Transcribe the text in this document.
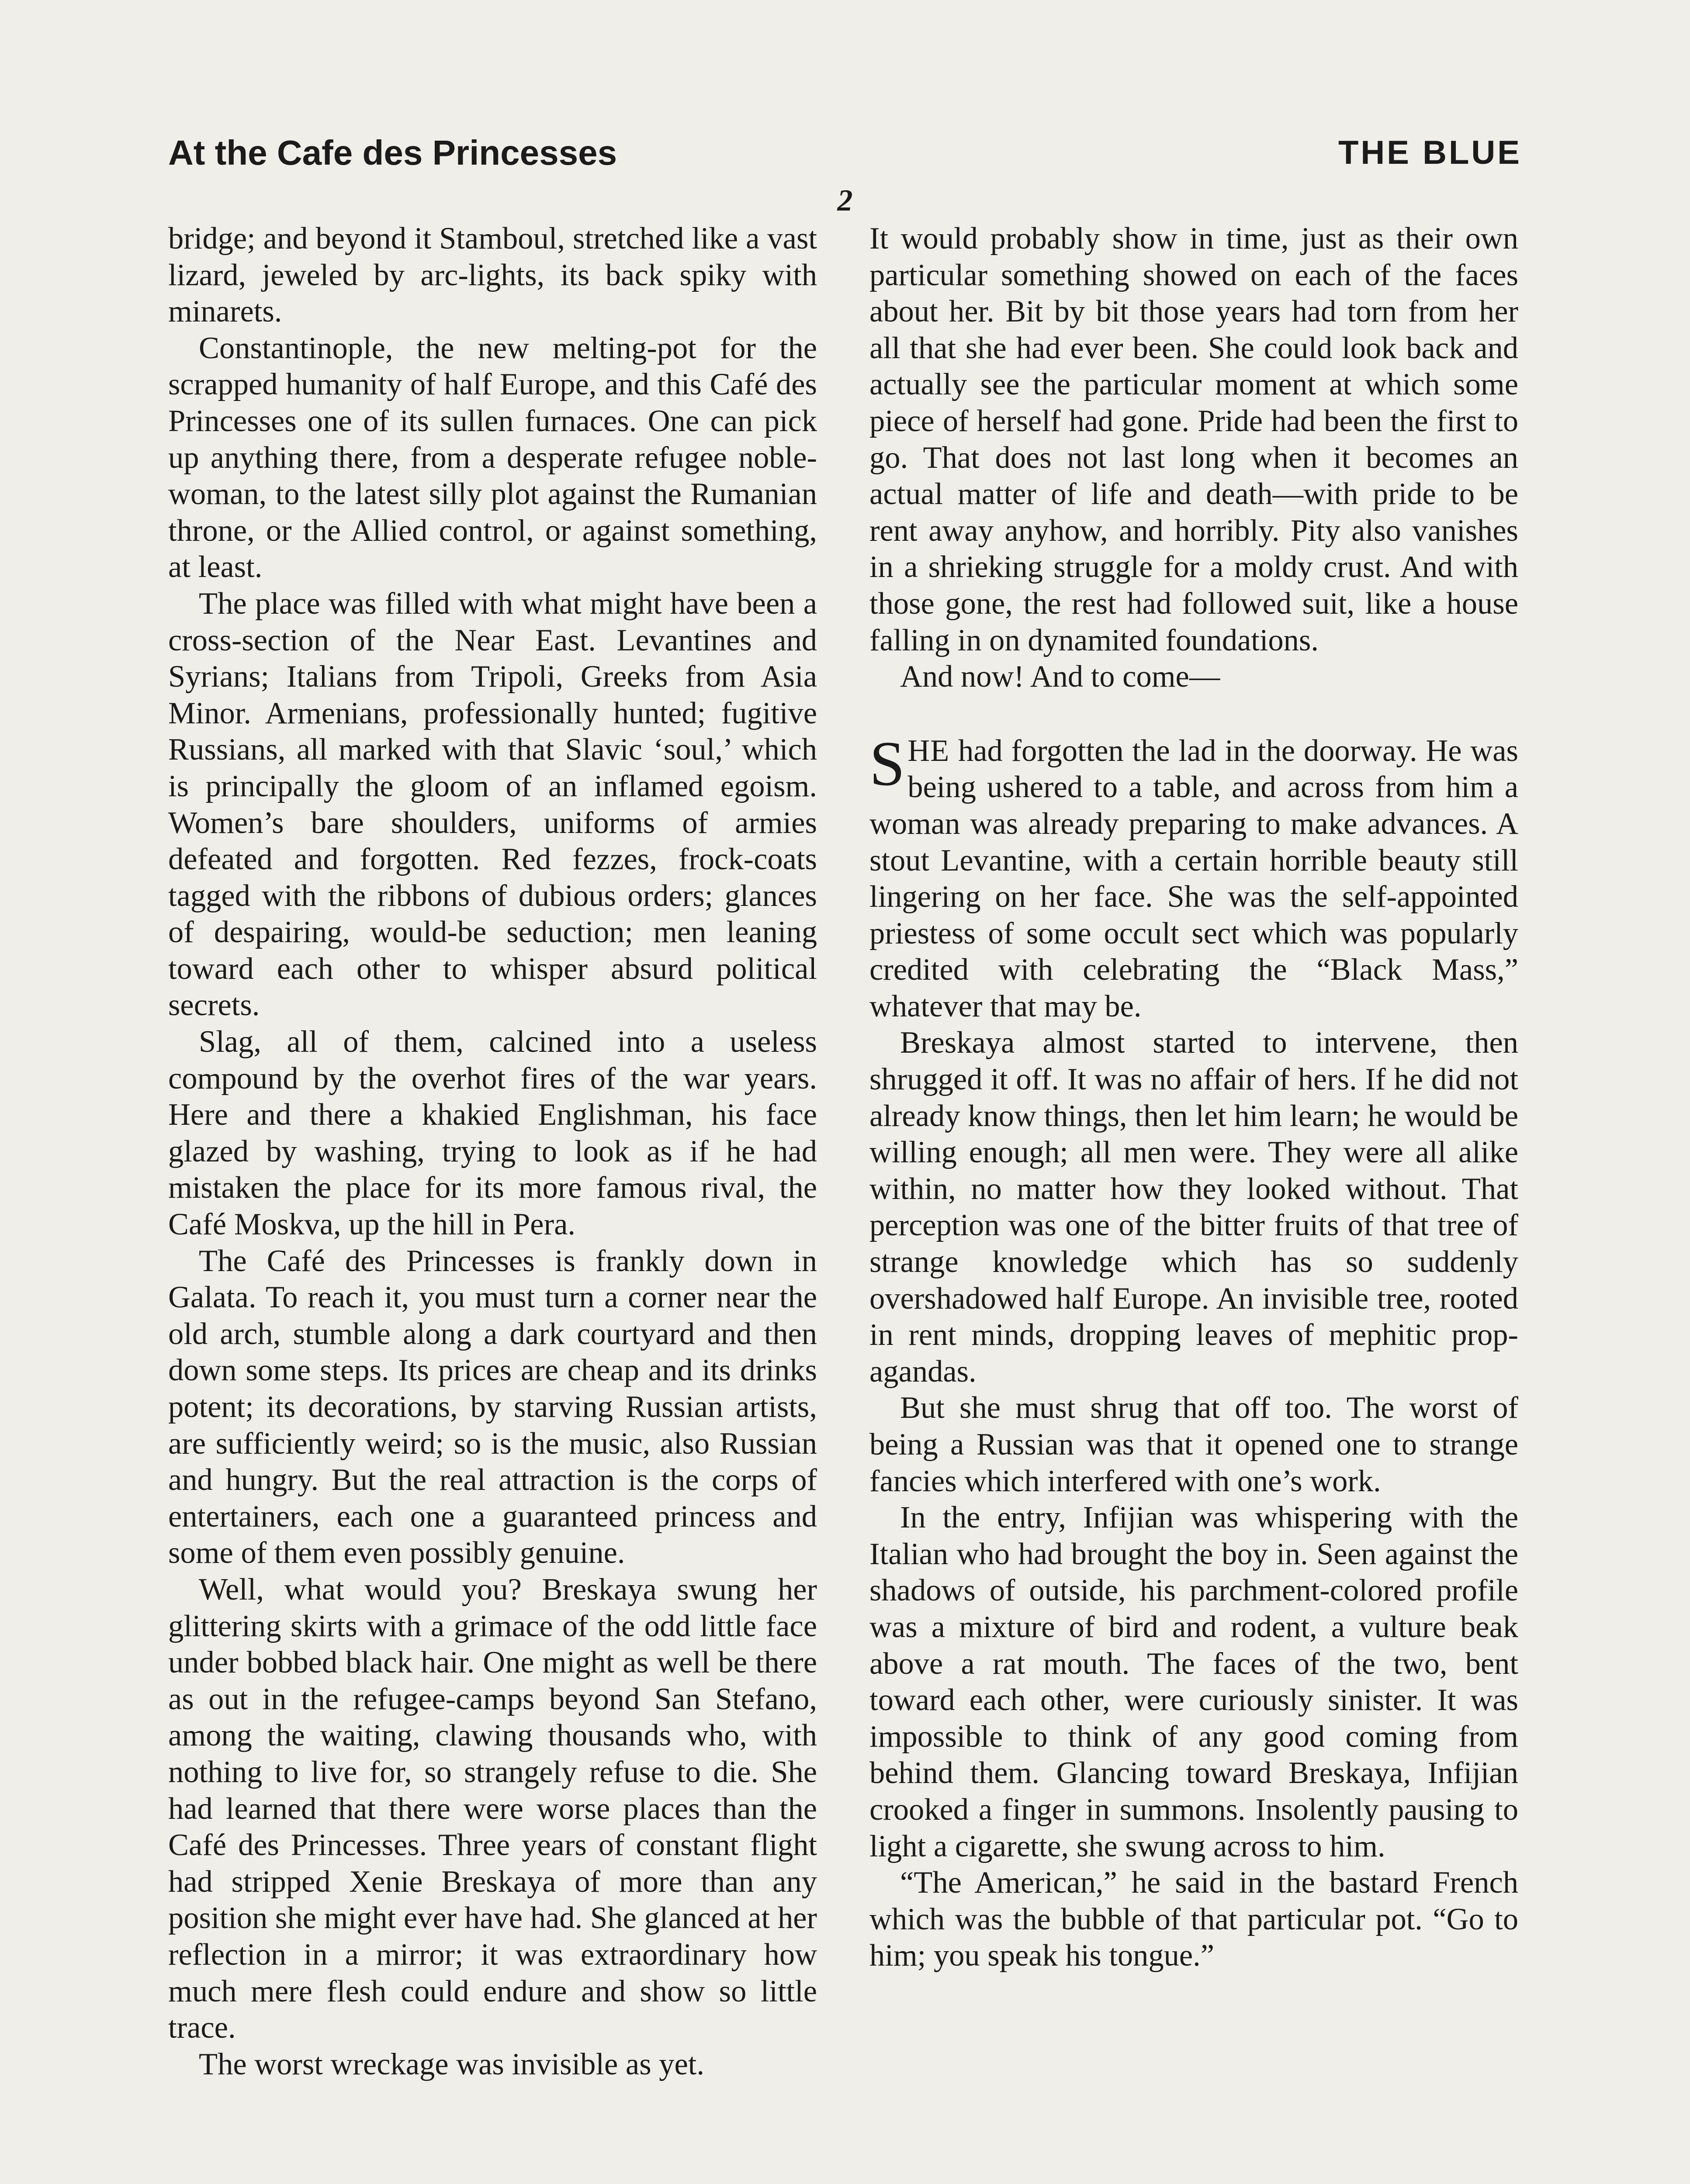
At the Cafe des Princesses	THE BLUE
2

bridge; and beyond it Stamboul, stretched like a vast lizard, jeweled by arc-lights, its back spiky with minarets.

Constantinople, the new melting-pot for the scrapped humanity of half Europe, and this Café des Princesses one of its sullen furnaces. One can pick up anything there, from a desperate refugee noblewoman, to the latest silly plot against the Rumanian throne, or the Allied control, or against something, at least.

The place was filled with what might have been a cross-section of the Near East. Levantines and Syrians; Italians from Tripoli, Greeks from Asia Minor. Armenians, professionally hunted; fugitive Russians, all marked with that Slavic ‘soul,’ which is principally the gloom of an inflamed egoism. Women’s bare shoulders, uniforms of armies defeated and forgotten. Red fezzes, frock-coats tagged with the ribbons of dubious orders; glances of despairing, would-be seduction; men leaning toward each other to whisper absurd political secrets.

Slag, all of them, calcined into a useless compound by the overhot fires of the war years. Here and there a khakied Englishman, his face glazed by washing, trying to look as if he had mistaken the place for its more famous rival, the Café Moskva, up the hill in Pera.

The Café des Princesses is frankly down in Galata. To reach it, you must turn a corner near the old arch, stumble along a dark courtyard and then down some steps. Its prices are cheap and its drinks potent; its decorations, by starving Russian artists, are sufficiently weird; so is the music, also Russian and hungry. But the real attraction is the corps of entertainers, each one a guaranteed princess and some of them even possibly genuine.

Well, what would you? Breskaya swung her glittering skirts with a grimace of the odd little face under bobbed black hair. One might as well be there as out in the refugee-camps beyond San Stefano, among the waiting, clawing thousands who, with nothing to live for, so strangely refuse to die. She had learned that there were worse places than the Café des Princesses. Three years of constant flight had stripped Xenie Breskaya of more than any position she might ever have had. She glanced at her reflection in a mirror; it was extraordinary how much mere flesh could endure and show so little trace.

The worst wreckage was invisible as yet.

It would probably show in time, just as their own particular something showed on each of the faces about her. Bit by bit those years had torn from her all that she had ever been. She could look back and actually see the particular moment at which some piece of herself had gone. Pride had been the first to go. That does not last long when it becomes an actual matter of life and death—with pride to be rent away anyhow, and horribly. Pity also vanishes in a shrieking struggle for a moldy crust. And with those gone, the rest had followed suit, like a house falling in on dynamited foundations.

And now! And to come—

SHE had forgotten the lad in the doorway. He was being ushered to a table, and across from him a woman was already preparing to make advances. A stout Levantine, with a certain horrible beauty still lingering on her face. She was the self-appointed priestess of some occult sect which was popularly credited with celebrating the “Black Mass,” whatever that may be.

Breskaya almost started to intervene, then shrugged it off. It was no affair of hers. If he did not already know things, then let him learn; he would be willing enough; all men were. They were all alike within, no matter how they looked without. That perception was one of the bitter fruits of that tree of strange knowledge which has so suddenly overshadowed half Europe. An invisible tree, rooted in rent minds, dropping leaves of mephitic propagandas.

But she must shrug that off too. The worst of being a Russian was that it opened one to strange fancies which interfered with one’s work.

In the entry, Infijian was whispering with the Italian who had brought the boy in. Seen against the shadows of outside, his parchment-colored profile was a mixture of bird and rodent, a vulture beak above a rat mouth. The faces of the two, bent toward each other, were curiously sinister. It was impossible to think of any good coming from behind them. Glancing toward Breskaya, Infijian crooked a finger in summons. Insolently pausing to light a cigarette, she swung across to him.

“The American,” he said in the bastard French which was the bubble of that particular pot. “Go to him; you speak his tongue.”
